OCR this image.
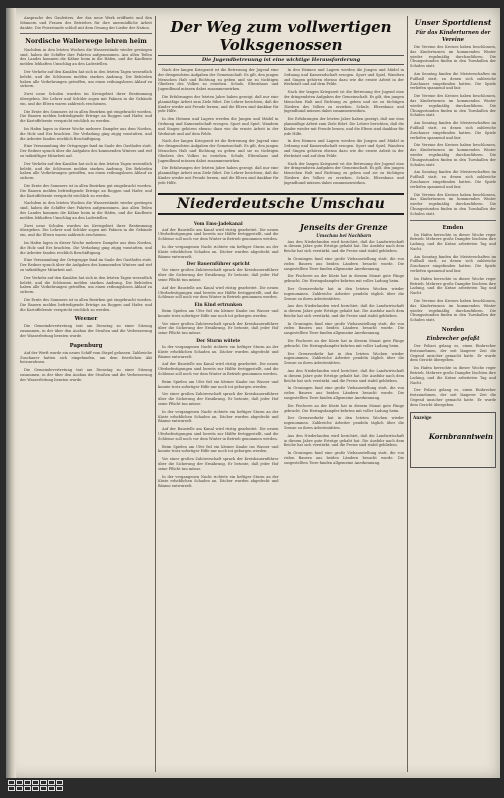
Ansprache des Gauleiters, der das neue Werk eröffnete und den Männern und Frauen des Betriebes für ihre unermüdliche Arbeit dankte. Die Feierstunde schloß mit dem Gesang der Lieder der Nation.

Nordische Wallerwege lehren heim

Nachdem in den letzten Wochen die Wasserstände wieder gestiegen sind, haben die Schiffer ihre Fahrten aufgenommen. Aus allen Teilen des Landes kommen die Kähne heim in die Häfen, und die Kaufleute melden lebhaften Umschlag an den Ladestellen.

Der Verkehr auf den Kanälen hat sich in den letzten Tagen wesentlich belebt, und die Schleusen melden starken Andrang. Die Behörden haben alle Vorkehrungen getroffen, um einen reibungslosen Ablauf zu sichern.

Zwei neue Schulen wurden im Kreisgebiet ihrer Bestimmung übergeben. Die Lehrer und Schüler zogen mit Fahnen in die Gebäude ein, und die Eltern waren zahlreich erschienen.

Die Ernte des Sommers ist in allen Bezirken gut eingebracht worden. Die Bauern melden befriedigende Erträge an Roggen und Hafer, und die Kartoffelernte verspricht reichlich zu werden.

Im Hafen lagen in dieser Woche mehrere Dampfer aus dem Norden, die Holz und Erz brachten. Die Verladung ging zügig vonstatten, und die Arbeiter fanden reichlich Beschäftigung.

Eine Versammlung der Ortsgruppe fand im Saale des Gasthofes statt. Der Redner sprach über die Aufgaben des kommenden Winters und rief zu tatkräftiger Mitarbeit auf.

Der Verkehr auf den Kanälen hat sich in den letzten Tagen wesentlich belebt, und die Schleusen melden starken Andrang. Die Behörden haben alle Vorkehrungen getroffen, um einen reibungslosen Ablauf zu sichern.

Die Ernte des Sommers ist in allen Bezirken gut eingebracht worden. Die Bauern melden befriedigende Erträge an Roggen und Hafer, und die Kartoffelernte verspricht reichlich zu werden.

Nachdem in den letzten Wochen die Wasserstände wieder gestiegen sind, haben die Schiffer ihre Fahrten aufgenommen. Aus allen Teilen des Landes kommen die Kähne heim in die Häfen, und die Kaufleute melden lebhaften Umschlag an den Ladestellen.

Zwei neue Schulen wurden im Kreisgebiet ihrer Bestimmung übergeben. Die Lehrer und Schüler zogen mit Fahnen in die Gebäude ein, und die Eltern waren zahlreich erschienen.

Im Hafen lagen in dieser Woche mehrere Dampfer aus dem Norden, die Holz und Erz brachten. Die Verladung ging zügig vonstatten, und die Arbeiter fanden reichlich Beschäftigung.

Eine Versammlung der Ortsgruppe fand im Saale des Gasthofes statt. Der Redner sprach über die Aufgaben des kommenden Winters und rief zu tatkräftiger Mitarbeit auf.

Der Verkehr auf den Kanälen hat sich in den letzten Tagen wesentlich belebt, und die Schleusen melden starken Andrang. Die Behörden haben alle Vorkehrungen getroffen, um einen reibungslosen Ablauf zu sichern.

Die Ernte des Sommers ist in allen Bezirken gut eingebracht worden. Die Bauern melden befriedigende Erträge an Roggen und Hafer, und die Kartoffelernte verspricht reichlich zu werden.

Weener

Die Gemeindevertretung trat am Dienstag zu einer Sitzung zusammen, in der über den Ausbau der Straßen und die Verbesserung der Wasserleitung beraten wurde.

Papenburg

Auf der Werft wurde ein neues Schiff vom Stapel gelassen. Zahlreiche Zuschauer hatten sich eingefunden, um dem feierlichen Akt beizuwohnen.

Die Gemeindevertretung trat am Dienstag zu einer Sitzung zusammen, in der über den Ausbau der Straßen und die Verbesserung der Wasserleitung beraten wurde.

Der Weg zum vollwertigen Volksgenossen
Die Jugendbetreuung ist eine wichtige Herausforderung

Nach der langen Kriegszeit ist die Betreuung der Jugend eine der dringendsten Aufgaben der Gemeinschaft. Es gilt, den jungen Menschen Halt und Richtung zu geben und sie zu tüchtigen Gliedern des Volkes zu erziehen. Schule, Elternhaus und Jugendbund müssen dabei zusammenwirken.

Die Erfahrungen der letzten Jahre haben gezeigt, daß nur eine planmäßige Arbeit zum Ziele führt. Die Lehrer berichten, daß die Kinder wieder mit Freude lernen, und die Eltern sind dankbar für jede Hilfe.

In den Heimen und Lagern werden die Jungen und Mädel in Ordnung und Kameradschaft erzogen. Sport und Spiel, Wandern und Singen gehören ebenso dazu wie die ernste Arbeit in der Werkstatt und auf dem Felde.

Nach der langen Kriegszeit ist die Betreuung der Jugend eine der dringendsten Aufgaben der Gemeinschaft. Es gilt, den jungen Menschen Halt und Richtung zu geben und sie zu tüchtigen Gliedern des Volkes zu erziehen. Schule, Elternhaus und Jugendbund müssen dabei zusammenwirken.

Die Erfahrungen der letzten Jahre haben gezeigt, daß nur eine planmäßige Arbeit zum Ziele führt. Die Lehrer berichten, daß die Kinder wieder mit Freude lernen, und die Eltern sind dankbar für jede Hilfe.

In den Heimen und Lagern werden die Jungen und Mädel in Ordnung und Kameradschaft erzogen. Sport und Spiel, Wandern und Singen gehören ebenso dazu wie die ernste Arbeit in der Werkstatt und auf dem Felde.

Nach der langen Kriegszeit ist die Betreuung der Jugend eine der dringendsten Aufgaben der Gemeinschaft. Es gilt, den jungen Menschen Halt und Richtung zu geben und sie zu tüchtigen Gliedern des Volkes zu erziehen. Schule, Elternhaus und Jugendbund müssen dabei zusammenwirken.

Die Erfahrungen der letzten Jahre haben gezeigt, daß nur eine planmäßige Arbeit zum Ziele führt. Die Lehrer berichten, daß die Kinder wieder mit Freude lernen, und die Eltern sind dankbar für jede Hilfe.

In den Heimen und Lagern werden die Jungen und Mädel in Ordnung und Kameradschaft erzogen. Sport und Spiel, Wandern und Singen gehören ebenso dazu wie die ernste Arbeit in der Werkstatt und auf dem Felde.

Nach der langen Kriegszeit ist die Betreuung der Jugend eine der dringendsten Aufgaben der Gemeinschaft. Es gilt, den jungen Menschen Halt und Richtung zu geben und sie zu tüchtigen Gliedern des Volkes zu erziehen. Schule, Elternhaus und Jugendbund müssen dabei zusammenwirken.

Niederdeutsche Umschau
Vom Ems-Jadekanal

Auf der Baustelle am Kanal wird rüstig gearbeitet. Die neuen Uferbefestigungen sind bereits zur Hälfte fertiggestellt, und die Schleuse soll noch vor dem Winter in Betrieb genommen werden.

In der vergangenen Nacht richtete ein heftiger Sturm an der Küste erheblichen Schaden an. Dächer wurden abgedeckt und Bäume entwurzelt.

Der Bauernführer spricht

Vor einer großen Zuhörerschaft sprach der Kreisbauernführer über die Sicherung der Ernährung. Er betonte, daß jeder Hof seine Pflicht tun müsse.

Auf der Baustelle am Kanal wird rüstig gearbeitet. Die neuen Uferbefestigungen sind bereits zur Hälfte fertiggestellt, und die Schleuse soll noch vor dem Winter in Betrieb genommen werden.

Ein Kind ertrunken

Beim Spielen am Ufer fiel ein kleiner Knabe ins Wasser und konnte trotz sofortiger Hilfe nur noch tot geborgen werden.

Vor einer großen Zuhörerschaft sprach der Kreisbauernführer über die Sicherung der Ernährung. Er betonte, daß jeder Hof seine Pflicht tun müsse.

Der Sturm wütete

In der vergangenen Nacht richtete ein heftiger Sturm an der Küste erheblichen Schaden an. Dächer wurden abgedeckt und Bäume entwurzelt.

Auf der Baustelle am Kanal wird rüstig gearbeitet. Die neuen Uferbefestigungen sind bereits zur Hälfte fertiggestellt, und die Schleuse soll noch vor dem Winter in Betrieb genommen werden.

Beim Spielen am Ufer fiel ein kleiner Knabe ins Wasser und konnte trotz sofortiger Hilfe nur noch tot geborgen werden.

Vor einer großen Zuhörerschaft sprach der Kreisbauernführer über die Sicherung der Ernährung. Er betonte, daß jeder Hof seine Pflicht tun müsse.

In der vergangenen Nacht richtete ein heftiger Sturm an der Küste erheblichen Schaden an. Dächer wurden abgedeckt und Bäume entwurzelt.

Auf der Baustelle am Kanal wird rüstig gearbeitet. Die neuen Uferbefestigungen sind bereits zur Hälfte fertiggestellt, und die Schleuse soll noch vor dem Winter in Betrieb genommen werden.

Beim Spielen am Ufer fiel ein kleiner Knabe ins Wasser und konnte trotz sofortiger Hilfe nur noch tot geborgen werden.

Vor einer großen Zuhörerschaft sprach der Kreisbauernführer über die Sicherung der Ernährung. Er betonte, daß jeder Hof seine Pflicht tun müsse.

In der vergangenen Nacht richtete ein heftiger Sturm an der Küste erheblichen Schaden an. Dächer wurden abgedeckt und Bäume entwurzelt.

Jenseits der Grenze
Umschau bei Nachbarn

Aus den Niederlanden wird berichtet, daß die Landwirtschaft in diesem Jahre gute Erträge gehabt hat. Die Ausfuhr nach dem Reiche hat sich verstärkt, und die Preise sind stabil geblieben.

In Groningen fand eine große Viehausstellung statt, die von vielen Bauern aus beiden Ländern besucht wurde. Die ausgestellten Tiere fanden allgemeine Anerkennung.

Die Fischerei an der Küste hat in diesem Monat gute Fänge gebracht. Die Heringsdampfer kehrten mit voller Ladung heim.

Der Grenzverkehr hat in den letzten Wochen wieder zugenommen. Zahlreiche Arbeiter pendeln täglich über die Grenze zu ihren Arbeitsstätten.

Aus den Niederlanden wird berichtet, daß die Landwirtschaft in diesem Jahre gute Erträge gehabt hat. Die Ausfuhr nach dem Reiche hat sich verstärkt, und die Preise sind stabil geblieben.

In Groningen fand eine große Viehausstellung statt, die von vielen Bauern aus beiden Ländern besucht wurde. Die ausgestellten Tiere fanden allgemeine Anerkennung.

Die Fischerei an der Küste hat in diesem Monat gute Fänge gebracht. Die Heringsdampfer kehrten mit voller Ladung heim.

Der Grenzverkehr hat in den letzten Wochen wieder zugenommen. Zahlreiche Arbeiter pendeln täglich über die Grenze zu ihren Arbeitsstätten.

Aus den Niederlanden wird berichtet, daß die Landwirtschaft in diesem Jahre gute Erträge gehabt hat. Die Ausfuhr nach dem Reiche hat sich verstärkt, und die Preise sind stabil geblieben.

In Groningen fand eine große Viehausstellung statt, die von vielen Bauern aus beiden Ländern besucht wurde. Die ausgestellten Tiere fanden allgemeine Anerkennung.

Die Fischerei an der Küste hat in diesem Monat gute Fänge gebracht. Die Heringsdampfer kehrten mit voller Ladung heim.

Der Grenzverkehr hat in den letzten Wochen wieder zugenommen. Zahlreiche Arbeiter pendeln täglich über die Grenze zu ihren Arbeitsstätten.

Aus den Niederlanden wird berichtet, daß die Landwirtschaft in diesem Jahre gute Erträge gehabt hat. Die Ausfuhr nach dem Reiche hat sich verstärkt, und die Preise sind stabil geblieben.

In Groningen fand eine große Viehausstellung statt, die von vielen Bauern aus beiden Ländern besucht wurde. Die ausgestellten Tiere fanden allgemeine Anerkennung.

Unser Sportdienst
Für das Kinderturnen der Vereine

Die Vereine des Kreises haben beschlossen, das Kinderturnen im kommenden Winter wieder regelmäßig durchzuführen. Die Übungsstunden finden in den Turnhallen der Schulen statt.

Am Sonntag fanden die Meisterschaften im Fußball statt, zu denen sich zahlreiche Zuschauer eingefunden hatten. Die Spiele verliefen spannend und fair.

Die Vereine des Kreises haben beschlossen, das Kinderturnen im kommenden Winter wieder regelmäßig durchzuführen. Die Übungsstunden finden in den Turnhallen der Schulen statt.

Am Sonntag fanden die Meisterschaften im Fußball statt, zu denen sich zahlreiche Zuschauer eingefunden hatten. Die Spiele verliefen spannend und fair.

Die Vereine des Kreises haben beschlossen, das Kinderturnen im kommenden Winter wieder regelmäßig durchzuführen. Die Übungsstunden finden in den Turnhallen der Schulen statt.

Am Sonntag fanden die Meisterschaften im Fußball statt, zu denen sich zahlreiche Zuschauer eingefunden hatten. Die Spiele verliefen spannend und fair.

Die Vereine des Kreises haben beschlossen, das Kinderturnen im kommenden Winter wieder regelmäßig durchzuführen. Die Übungsstunden finden in den Turnhallen der Schulen statt.

Emden

Im Hafen herrschte in dieser Woche reger Betrieb. Mehrere große Dampfer löschten ihre Ladung, und die Kräne arbeiteten Tag und Nacht.

Am Sonntag fanden die Meisterschaften im Fußball statt, zu denen sich zahlreiche Zuschauer eingefunden hatten. Die Spiele verliefen spannend und fair.

Im Hafen herrschte in dieser Woche reger Betrieb. Mehrere große Dampfer löschten ihre Ladung, und die Kräne arbeiteten Tag und Nacht.

Die Vereine des Kreises haben beschlossen, das Kinderturnen im kommenden Winter wieder regelmäßig durchzuführen. Die Übungsstunden finden in den Turnhallen der Schulen statt.

Norden
Einbrecher gefaßt

Der Polizei gelang es, einen Einbrecher festzunehmen, der seit längerer Zeit die Gegend unsicher gemacht hatte. Er wurde dem Gericht übergeben.

Im Hafen herrschte in dieser Woche reger Betrieb. Mehrere große Dampfer löschten ihre Ladung, und die Kräne arbeiteten Tag und Nacht.

Der Polizei gelang es, einen Einbrecher festzunehmen, der seit längerer Zeit die Gegend unsicher gemacht hatte. Er wurde dem Gericht übergeben.

Anzeige
Kornbranntwein
